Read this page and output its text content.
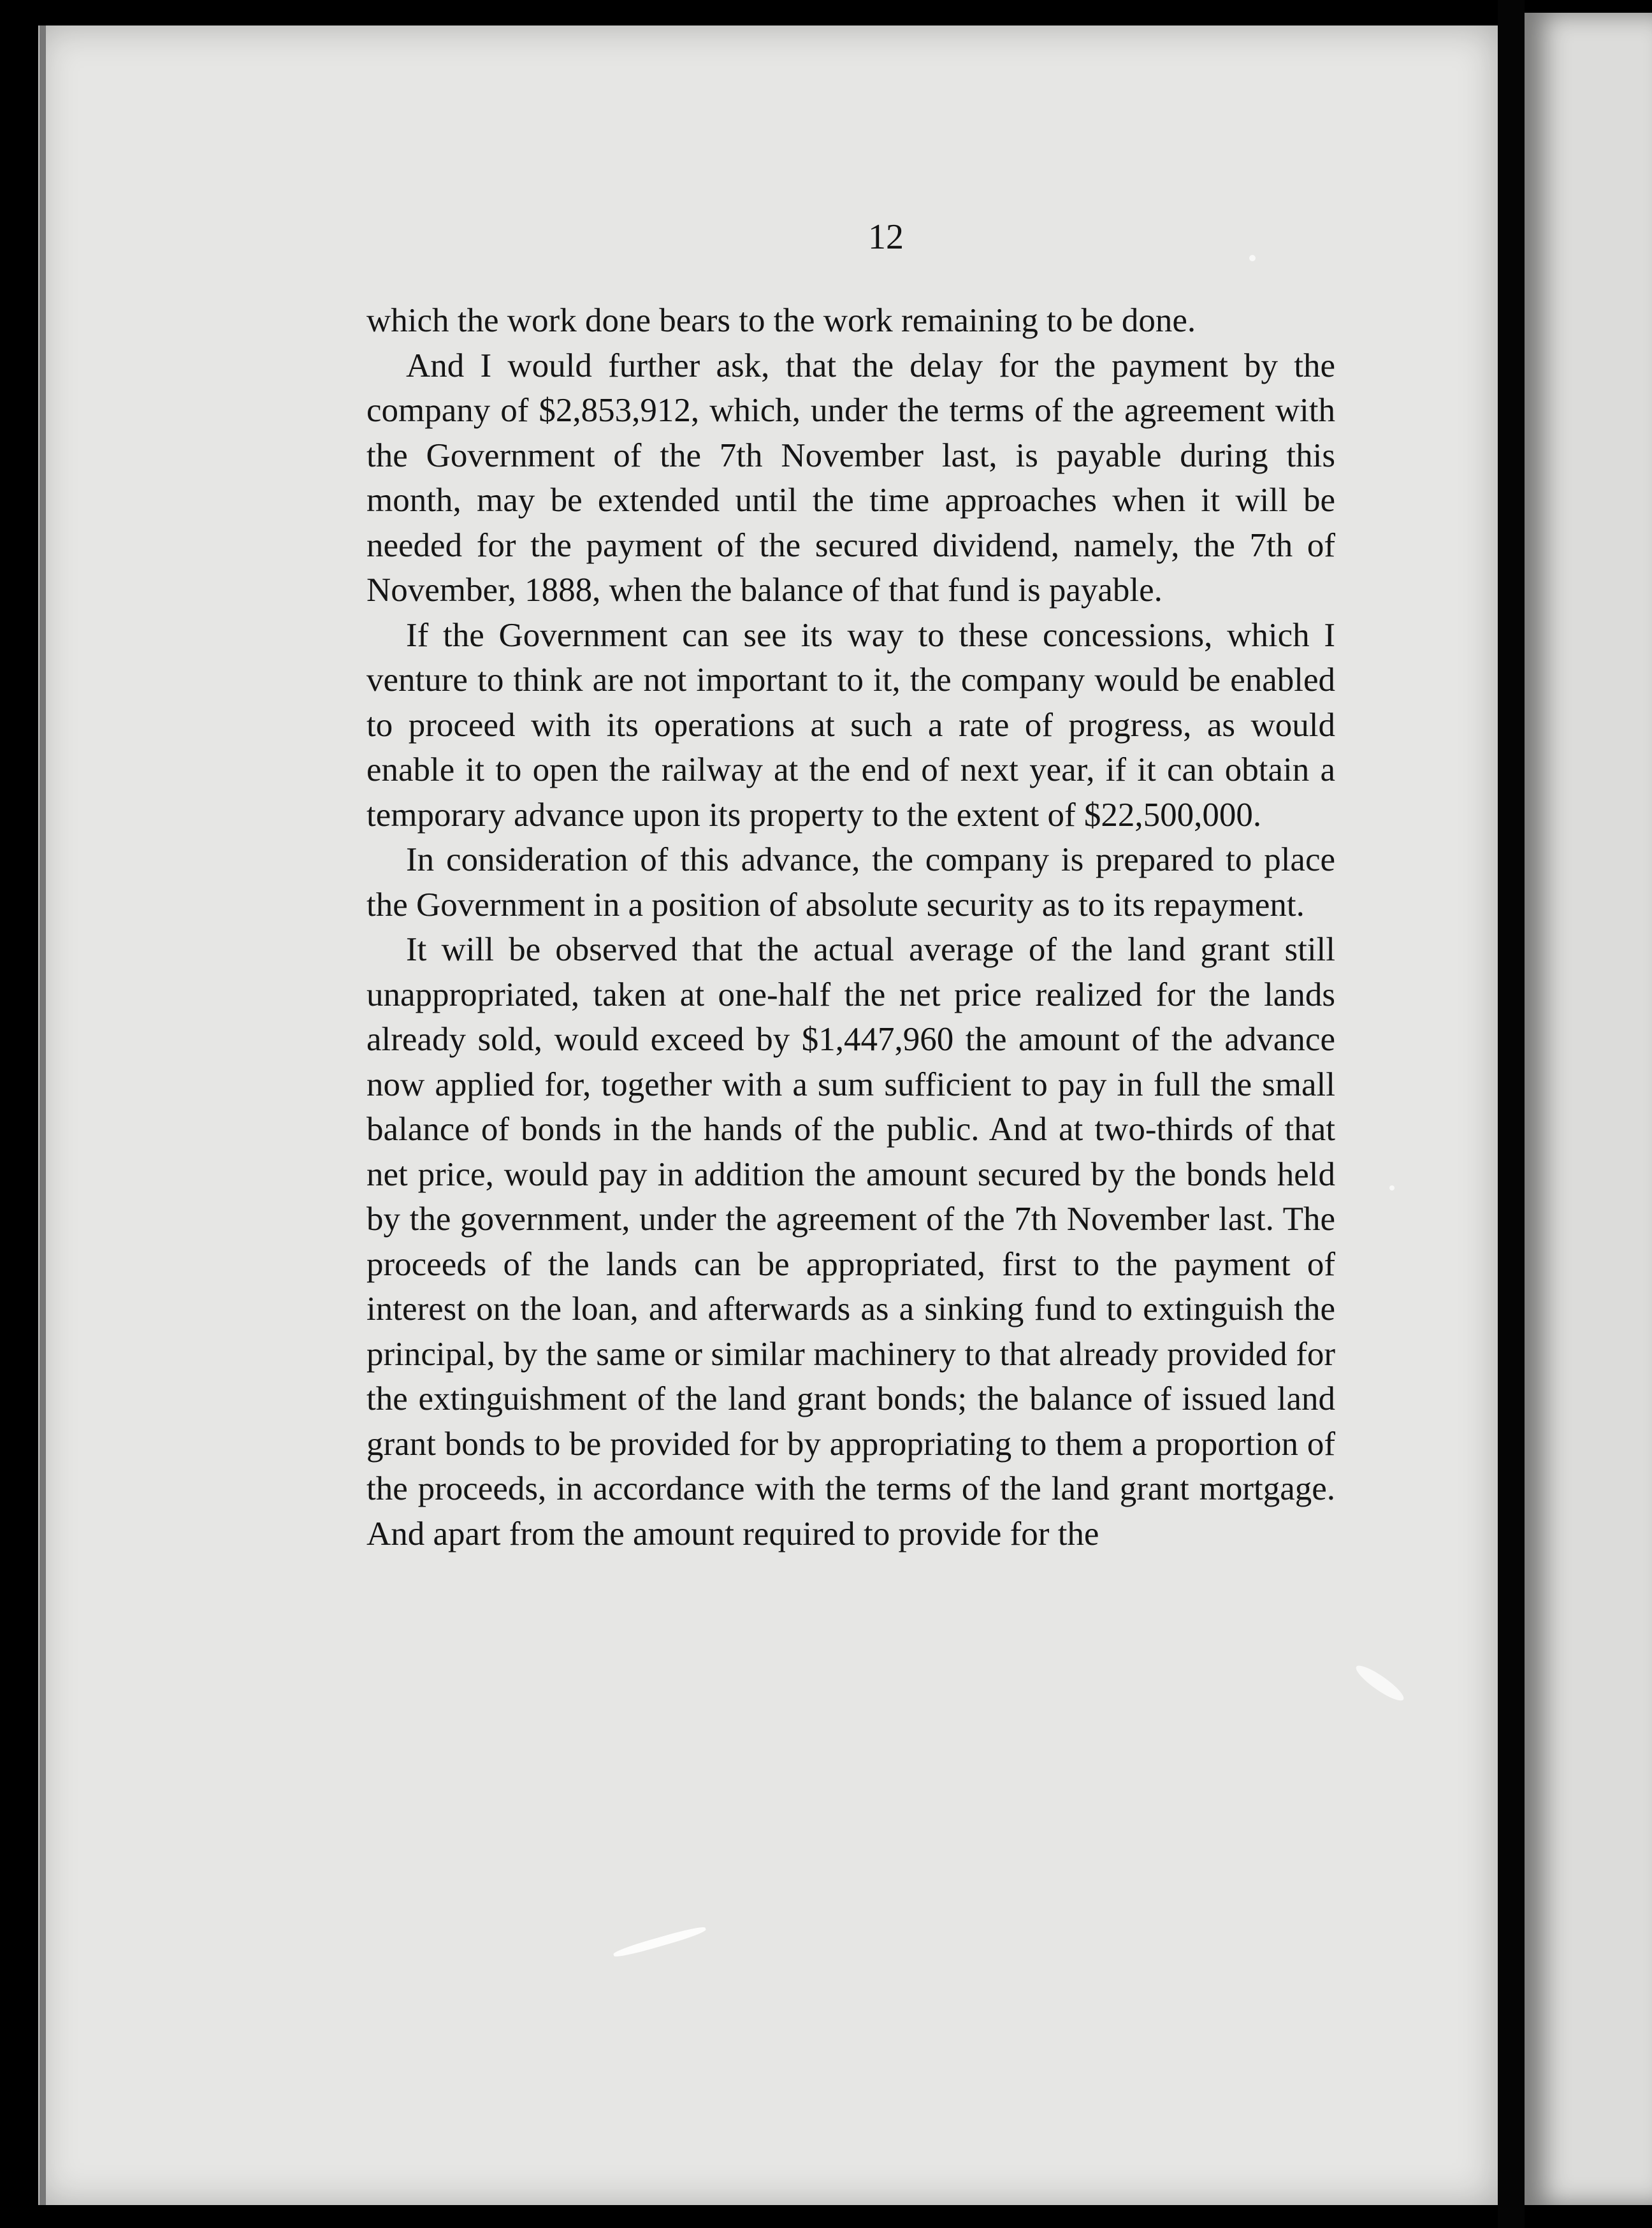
12

which the work done bears to the work remaining to be done.

And I would further ask, that the delay for the payment by the company of $2,853,912, which, under the terms of the agreement with the Government of the 7th November last, is payable during this month, may be extended until the time approaches when it will be needed for the payment of the secured dividend, namely, the 7th of November, 1888, when the balance of that fund is payable.

If the Government can see its way to these concessions, which I venture to think are not important to it, the company would be enabled to proceed with its operations at such a rate of progress, as would enable it to open the railway at the end of next year, if it can obtain a temporary advance upon its property to the extent of $22,500,000.

In consideration of this advance, the company is prepared to place the Government in a position of absolute security as to its repayment.

It will be observed that the actual average of the land grant still unappropriated, taken at one-half the net price realized for the lands already sold, would exceed by $1,447,960 the amount of the advance now applied for, together with a sum sufficient to pay in full the small balance of bonds in the hands of the public. And at two-thirds of that net price, would pay in addition the amount secured by the bonds held by the government, under the agreement of the 7th November last. The proceeds of the lands can be appropriated, first to the payment of interest on the loan, and afterwards as a sinking fund to extinguish the principal, by the same or similar machinery to that already provided for the extinguishment of the land grant bonds; the balance of issued land grant bonds to be provided for by appropriating to them a proportion of the proceeds, in accordance with the terms of the land grant mortgage. And apart from the amount required to provide for the
